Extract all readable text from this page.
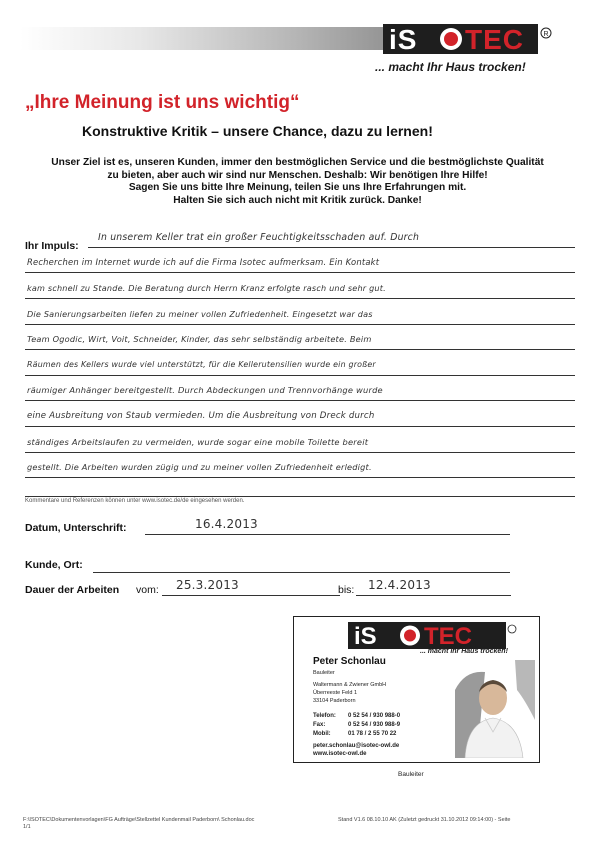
iS TEC	R
... macht Ihr Haus trocken!
„Ihre Meinung ist uns wichtig“
Konstruktive Kritik – unsere Chance, dazu zu lernen!
Unser Ziel ist es, unseren Kunden, immer den bestmöglichen Service und die bestmöglichste Qualität
zu bieten, aber auch wir sind nur Menschen. Deshalb: Wir benötigen Ihre Hilfe!
Sagen Sie uns bitte Ihre Meinung, teilen Sie uns Ihre Erfahrungen mit.
Halten Sie sich auch nicht mit Kritik zurück. Danke!
Ihr Impuls:
In unserem Keller trat ein großer Feuchtigkeitsschaden auf. Durch
Recherchen im Internet wurde ich auf die Firma Isotec aufmerksam. Ein Kontakt
kam schnell zu Stande. Die Beratung durch Herrn Kranz erfolgte rasch und sehr gut.
Die Sanierungsarbeiten liefen zu meiner vollen Zufriedenheit. Eingesetzt war das
Team Ogodic, Wirt, Voit, Schneider, Kinder, das sehr selbständig arbeitete. Beim
Räumen des Kellers wurde viel unterstützt, für die Kellerutensilien wurde ein großer
räumiger Anhänger bereitgestellt. Durch Abdeckungen und Trennvorhänge wurde
eine Ausbreitung von Staub vermieden. Um die Ausbreitung von Dreck durch
ständiges Arbeitslaufen zu vermeiden, wurde sogar eine mobile Toilette bereit
gestellt. Die Arbeiten wurden zügig und zu meiner vollen Zufriedenheit erledigt.
Kommentare und Referenzen können unter www.isotec.de/de eingesehen werden.
Datum, Unterschrift:	16.4.2013
Kunde, Ort:
Dauer der Arbeiten vom: 25.3.2013	bis: 12.4.2013
iS TEC
... macht Ihr Haus trocken!
Peter Schonlau
Bauleiter
Waltermann & Zwiener GmbH
Überreeste Feld 1
33104 Paderborn
Telefon: 0 52 54 / 930 988-0
Fax:	0 52 54 / 930 988-9
Mobil:	01 78 / 2 55 70 22
peter.schonlau@isotec-owl.de
www.isotec-owl.de
Bauleiter
F:\ISOTEC\Dokumentenvorlagen\FG Aufträge\Stellzettel Kundenmail Paderborn\ Schonlau.doc
1/1
Stand V1.6 08.10.10 AK (Zuletzt gedruckt 31.10.2012 09:14:00) - Seite
